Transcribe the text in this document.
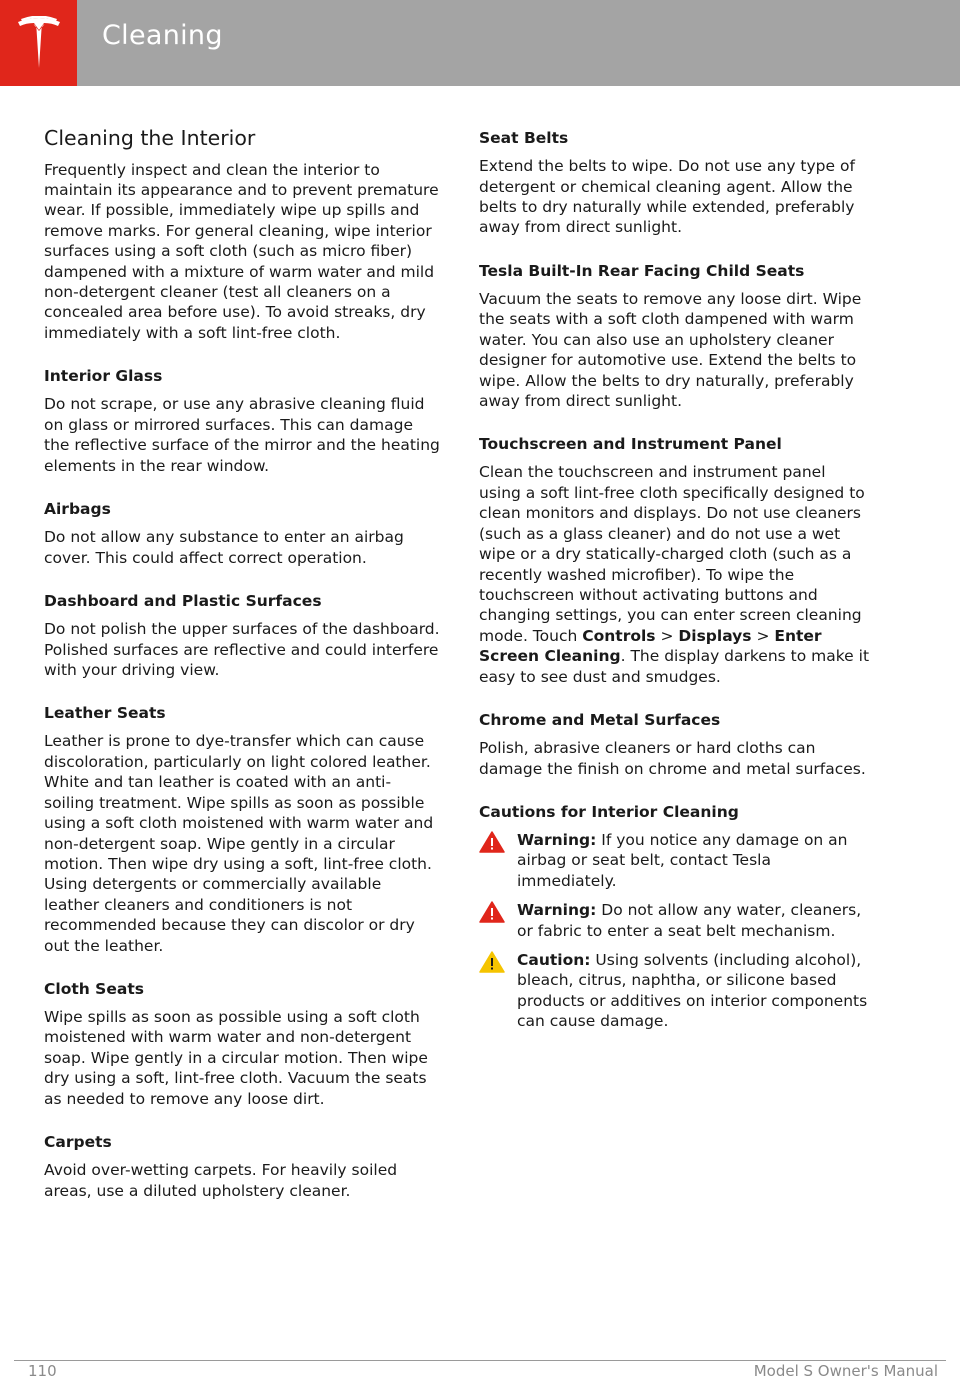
Cleaning
Cleaning the Interior
Frequently inspect and clean the interior to maintain its appearance and to prevent premature wear. If possible, immediately wipe up spills and remove marks. For general cleaning, wipe interior surfaces using a soft cloth (such as micro fiber) dampened with a mixture of warm water and mild non-detergent cleaner (test all cleaners on a concealed area before use). To avoid streaks, dry immediately with a soft lint-free cloth.
Interior Glass
Do not scrape, or use any abrasive cleaning fluid on glass or mirrored surfaces. This can damage the reflective surface of the mirror and the heating elements in the rear window.
Airbags
Do not allow any substance to enter an airbag cover. This could affect correct operation.
Dashboard and Plastic Surfaces
Do not polish the upper surfaces of the dashboard. Polished surfaces are reflective and could interfere with your driving view.
Leather Seats
Leather is prone to dye-transfer which can cause discoloration, particularly on light colored leather. White and tan leather is coated with an anti-soiling treatment. Wipe spills as soon as possible using a soft cloth moistened with warm water and non-detergent soap. Wipe gently in a circular motion. Then wipe dry using a soft, lint-free cloth. Using detergents or commercially available leather cleaners and conditioners is not recommended because they can discolor or dry out the leather.
Cloth Seats
Wipe spills as soon as possible using a soft cloth moistened with warm water and non-detergent soap. Wipe gently in a circular motion. Then wipe dry using a soft, lint-free cloth. Vacuum the seats as needed to remove any loose dirt.
Carpets
Avoid over-wetting carpets. For heavily soiled areas, use a diluted upholstery cleaner.
Seat Belts
Extend the belts to wipe. Do not use any type of detergent or chemical cleaning agent. Allow the belts to dry naturally while extended, preferably away from direct sunlight.
Tesla Built-In Rear Facing Child Seats
Vacuum the seats to remove any loose dirt. Wipe the seats with a soft cloth dampened with warm water. You can also use an upholstery cleaner designer for automotive use. Extend the belts to wipe. Allow the belts to dry naturally, preferably away from direct sunlight.
Touchscreen and Instrument Panel
Clean the touchscreen and instrument panel using a soft lint-free cloth specifically designed to clean monitors and displays. Do not use cleaners (such as a glass cleaner) and do not use a wet wipe or a dry statically-charged cloth (such as a recently washed microfiber). To wipe the touchscreen without activating buttons and changing settings, you can enter screen cleaning mode. Touch Controls > Displays > Enter Screen Cleaning. The display darkens to make it easy to see dust and smudges.
Chrome and Metal Surfaces
Polish, abrasive cleaners or hard cloths can damage the finish on chrome and metal surfaces.
Cautions for Interior Cleaning
Warning: If you notice any damage on an airbag or seat belt, contact Tesla immediately.
Warning: Do not allow any water, cleaners, or fabric to enter a seat belt mechanism.
Caution: Using solvents (including alcohol), bleach, citrus, naphtha, or silicone based products or additives on interior components can cause damage.
110	Model S Owner's Manual
